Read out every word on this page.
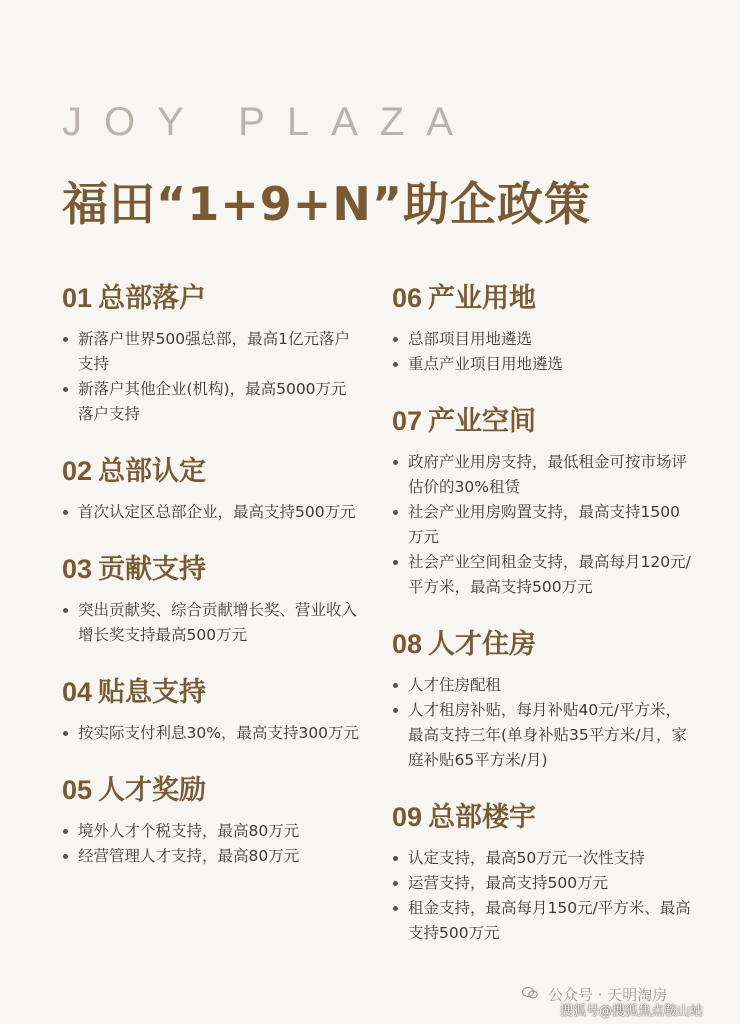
JOY PLAZA
福田“1+9+N”助企政策
01 总部落户
新落户世界500强总部，最高1亿元落户支持
新落户其他企业(机构)，最高5000万元落户支持
02 总部认定
首次认定区总部企业，最高支持500万元
03 贡献支持
突出贡献奖、综合贡献增长奖、营业收入增长奖支持最高500万元
04 贴息支持
按实际支付利息30%，最高支持300万元
05 人才奖励
境外人才个税支持，最高80万元
经营管理人才支持，最高80万元
06 产业用地
总部项目用地遴选
重点产业项目用地遴选
07 产业空间
政府产业用房支持，最低租金可按市场评估价的30%租赁
社会产业用房购置支持，最高支持1500万元
社会产业空间租金支持，最高每月120元/平方米，最高支持500万元
08 人才住房
人才住房配租
人才租房补贴，每月补贴40元/平方米，最高支持三年(单身补贴35平方米/月，家庭补贴65平方米/月)
09 总部楼宇
认定支持，最高50万元一次性支持
运营支持，最高支持500万元
租金支持，最高每月150元/平方米、最高支持500万元
公众号 · 天明淘房
搜狐号@搜狐焦点鞍山站
